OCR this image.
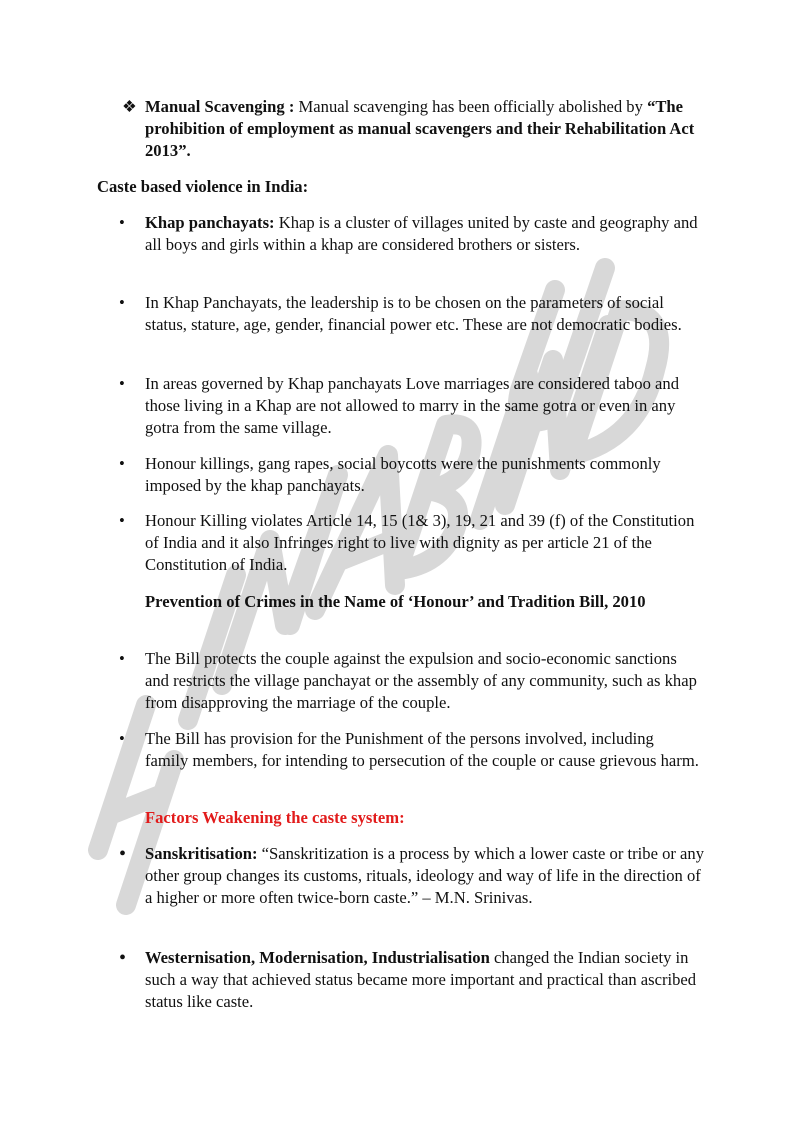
❖ Manual Scavenging : Manual scavenging has been officially abolished by “The prohibition of employment as manual scavengers and their Rehabilitation Act 2013”.

Caste based violence in India:
• Khap panchayats: Khap is a cluster of villages united by caste and geography and all boys and girls within a khap are considered brothers or sisters.

• In Khap Panchayats, the leadership is to be chosen on the parameters of social status, stature, age, gender, financial power etc. These are not democratic bodies.

• In areas governed by Khap panchayats Love marriages are considered taboo and those living in a Khap are not allowed to marry in the same gotra or even in any gotra from the same village.

• Honour killings, gang rapes, social boycotts were the punishments commonly imposed by the khap panchayats.

• Honour Killing violates Article 14, 15 (1& 3), 19, 21 and 39 (f) of the Constitution of India and it also Infringes right to live with dignity as per article 21 of the Constitution of India.

Prevention of Crimes in the Name of ‘Honour’ and Tradition Bill, 2010
• The Bill protects the couple against the expulsion and socio-economic sanctions and restricts the village panchayat or the assembly of any community, such as khap from disapproving the marriage of the couple.

• The Bill has provision for the Punishment of the persons involved, including family members, for intending to persecution of the couple or cause grievous harm.

Factors Weakening the caste system:
• Sanskritisation: “Sanskritization is a process by which a lower caste or tribe or any other group changes its customs, rituals, ideology and way of life in the direction of a higher or more often twice-born caste.” – M.N. Srinivas.

• Westernisation, Modernisation, Industrialisation changed the Indian society in such a way that achieved status became more important and practical than ascribed status like caste.
